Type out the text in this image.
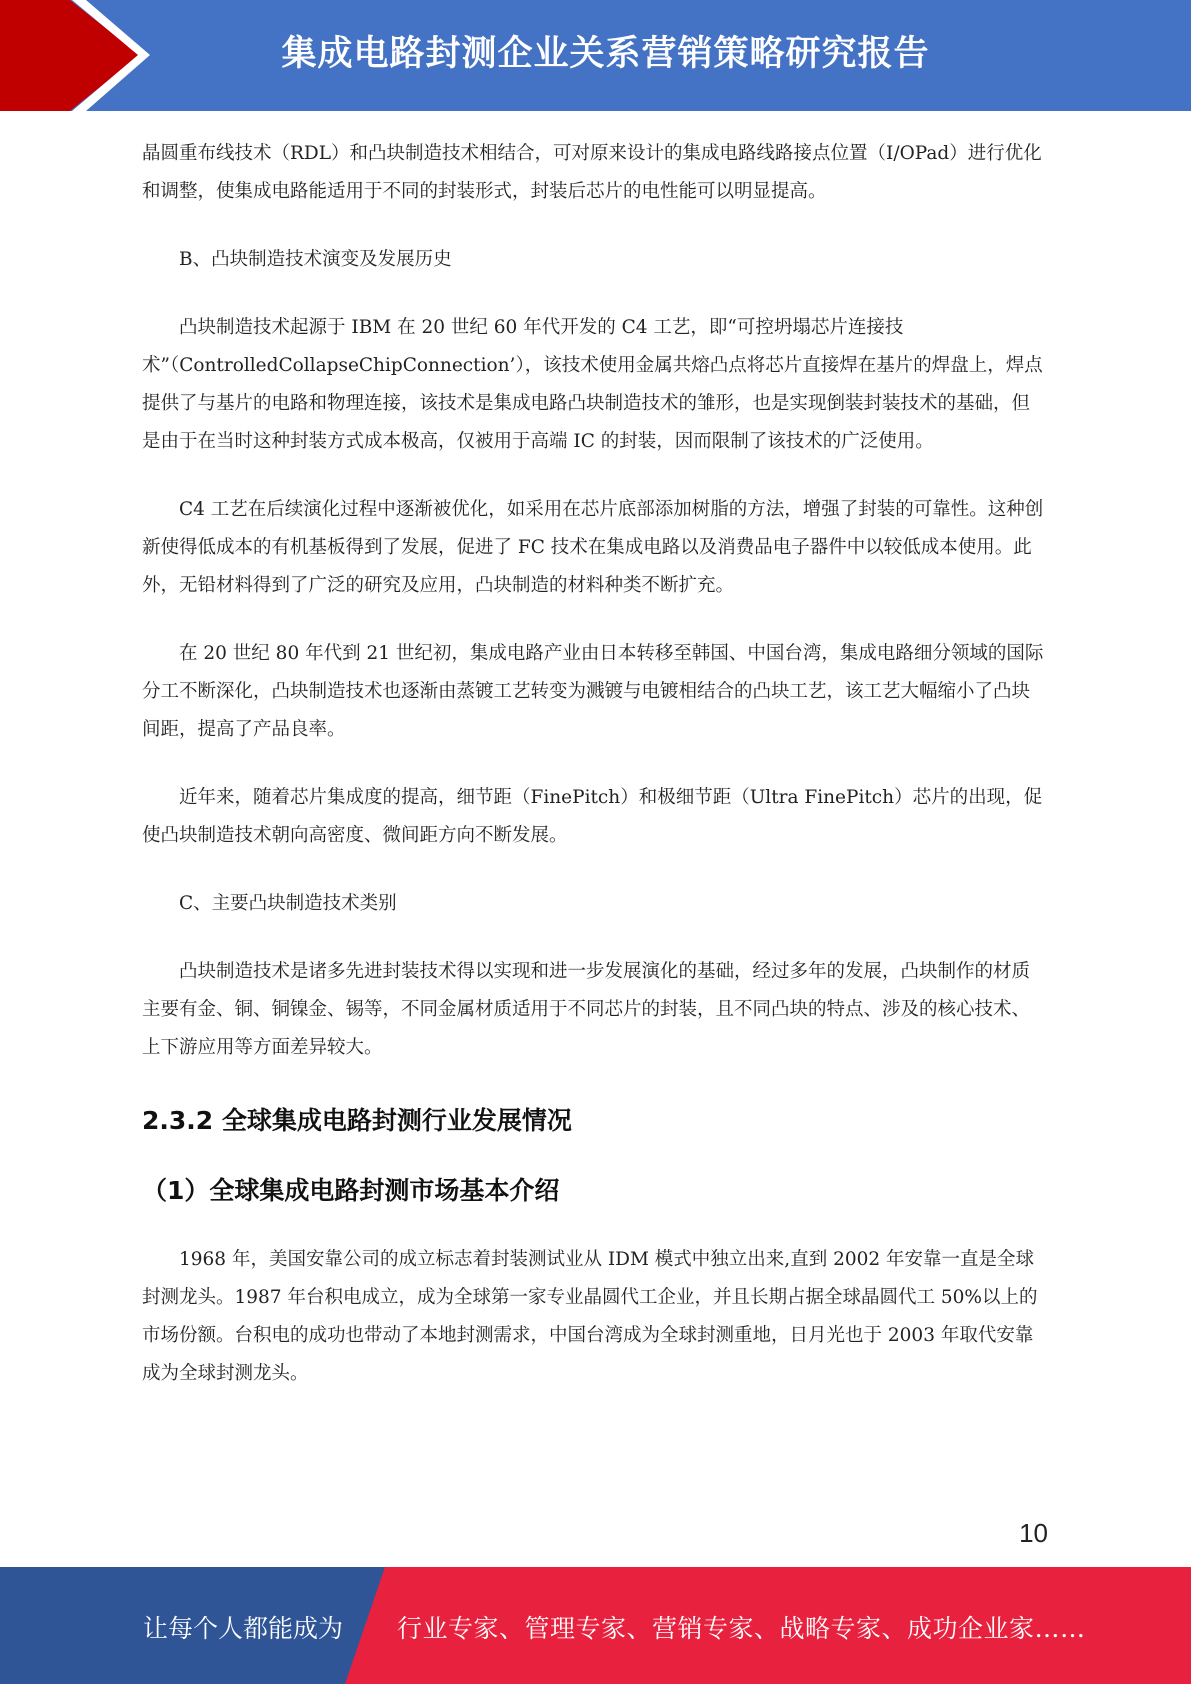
集成电路封测企业关系营销策略研究报告

晶圆重布线技术（RDL）和凸块制造技术相结合，可对原来设计的集成电路线路接点位置（I/OPad）进行优化和调整，使集成电路能适用于不同的封装形式，封装后芯片的电性能可以明显提高。

B、凸块制造技术演变及发展历史

凸块制造技术起源于 IBM 在 20 世纪 60 年代开发的 C4 工艺，即“可控坍塌芯片连接技术”（ControlledCollapseChipConnection’），该技术使用金属共熔凸点将芯片直接焊在基片的焊盘上，焊点提供了与基片的电路和物理连接，该技术是集成电路凸块制造技术的雏形，也是实现倒装封装技术的基础，但是由于在当时这种封装方式成本极高，仅被用于高端 IC 的封装，因而限制了该技术的广泛使用。

C4 工艺在后续演化过程中逐渐被优化，如采用在芯片底部添加树脂的方法，增强了封装的可靠性。这种创新使得低成本的有机基板得到了发展，促进了 FC 技术在集成电路以及消费品电子器件中以较低成本使用。此外，无铅材料得到了广泛的研究及应用，凸块制造的材料种类不断扩充。

在 20 世纪 80 年代到 21 世纪初，集成电路产业由日本转移至韩国、中国台湾，集成电路细分领域的国际分工不断深化，凸块制造技术也逐渐由蒸镀工艺转变为溅镀与电镀相结合的凸块工艺，该工艺大幅缩小了凸块间距，提高了产品良率。

近年来，随着芯片集成度的提高，细节距（FinePitch）和极细节距（Ultra FinePitch）芯片的出现，促使凸块制造技术朝向高密度、微间距方向不断发展。

C、主要凸块制造技术类别

凸块制造技术是诸多先进封装技术得以实现和进一步发展演化的基础，经过多年的发展，凸块制作的材质主要有金、铜、铜镍金、锡等，不同金属材质适用于不同芯片的封装，且不同凸块的特点、涉及的核心技术、上下游应用等方面差异较大。

2.3.2 全球集成电路封测行业发展情况

（1）全球集成电路封测市场基本介绍

1968 年，美国安靠公司的成立标志着封装测试业从 IDM 模式中独立出来,直到 2002 年安靠一直是全球封测龙头。1987 年台积电成立，成为全球第一家专业晶圆代工企业，并且长期占据全球晶圆代工 50%以上的市场份额。台积电的成功也带动了本地封测需求，中国台湾成为全球封测重地，日月光也于 2003 年取代安靠成为全球封测龙头。

10
让每个人都能成为 行业专家、管理专家、营销专家、战略专家、成功企业家……
